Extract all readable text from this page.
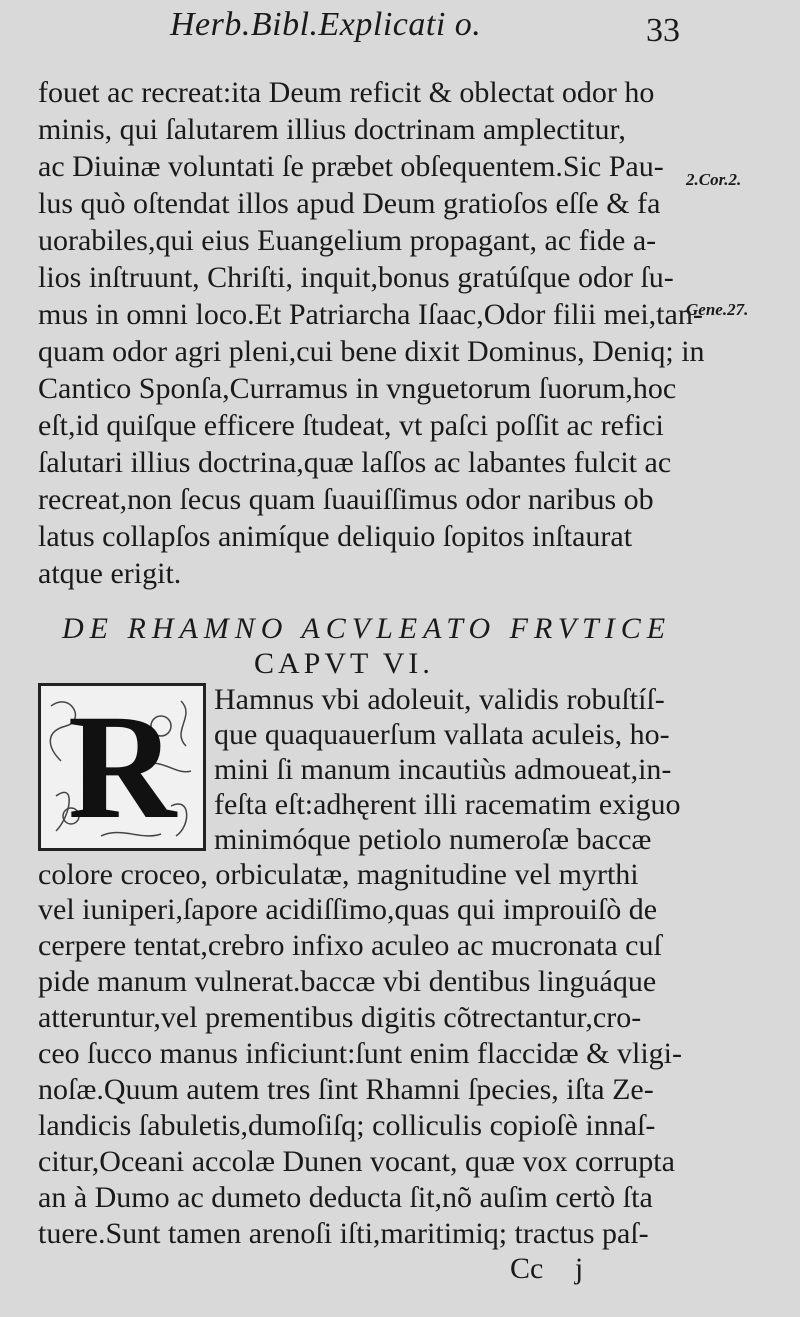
Herb.Bibl.Explicati o.	33
fouet ac recreat:ita Deum reficit & oblectat odor ho
minis, qui ſalutarem illius doctrinam amplectitur,
ac Diuinæ voluntati ſe præbet obſequentem.Sic Pau-
lus quò oſtendat illos apud Deum gratioſos eſſe & fa
uorabiles,qui eius Euangelium propagant, ac fide a-
lios inſtruunt, Chriſti, inquit,bonus gratúſque odor ſu-
mus in omni loco.Et Patriarcha Iſaac,Odor filii mei,tan-
quam odor agri pleni,cui bene dixit Dominus, Deniq; in
Cantico Sponſa,Curramus in vnguetorum ſuorum,hoc
eſt,id quiſque efficere ſtudeat, vt paſci poſſit ac refici
ſalutari illius doctrina,quæ laſſos ac labantes fulcit ac
recreat,non ſecus quam ſuauiſſimus odor naribus ob
latus collapſos animíque deliquio ſopitos inſtaurat
atque erigit.
2.Cor.2.
Gene.27.
DE RHAMNO ACVLEATO FRVTICE
CAPVT VI.
R	Hamnus vbi adoleuit, validis robuſtíſ-
que quaquauerſum vallata aculeis, ho-
mini ſi manum incautiùs admoueat,in-
feſta eſt:adhęrent illi racematim exiguo
minimóque petiolo numeroſæ baccæ
colore croceo, orbiculatæ, magnitudine vel myrthi
vel iuniperi,ſapore acidiſſimo,quas qui improuiſò de
cerpere tentat,crebro infixo aculeo ac mucronata cuſ
pide manum vulnerat.baccæ vbi dentibus linguáque
atteruntur,vel prementibus digitis cõtrectantur,cro-
ceo ſucco manus inficiunt:ſunt enim flaccidæ & vligi-
noſæ.Quum autem tres ſint Rhamni ſpecies, iſta Ze-
landicis ſabuletis,dumoſiſq; colliculis copioſè innaſ-
citur,Oceani accolæ Dunen vocant, quæ vox corrupta
an à Dumo ac dumeto deducta ſit,nõ auſim certò ſta
tuere.Sunt tamen arenoſi iſti,maritimiq; tractus paſ-
Cc j
